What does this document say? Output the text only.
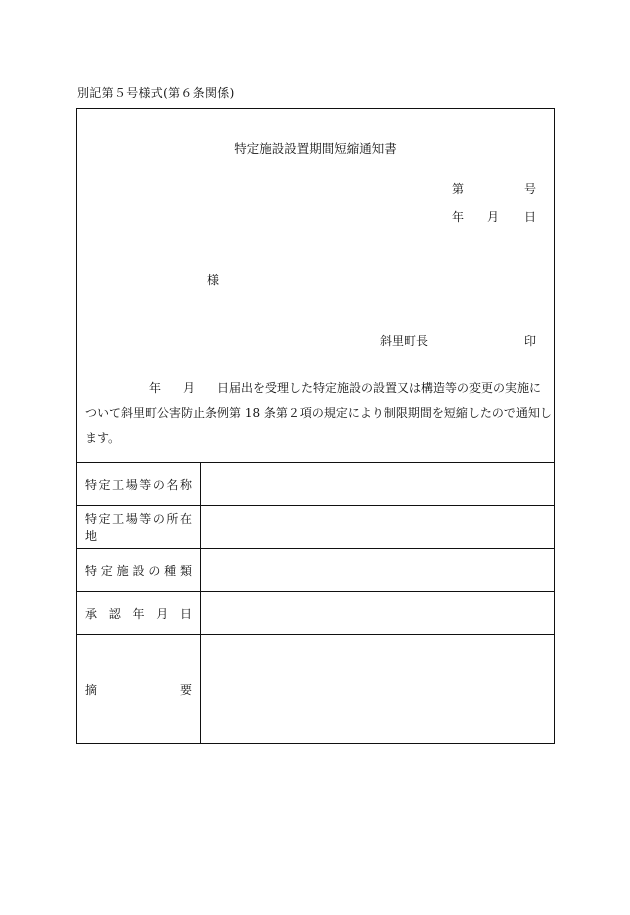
別記第５号様式(第６条関係)
特定施設設置期間短縮通知書
第	号
年 月 日
様
斜里町長	印
年 月 日届出を受理した特定施設の設置又は構造等の変更の実施に
ついて斜里町公害防止条例第 18 条第２項の規定により制限期間を短縮したので通知し
ます。
特定工場等の名称
特定工場等の所在地
特定施設の種類
承認年月日
摘要
